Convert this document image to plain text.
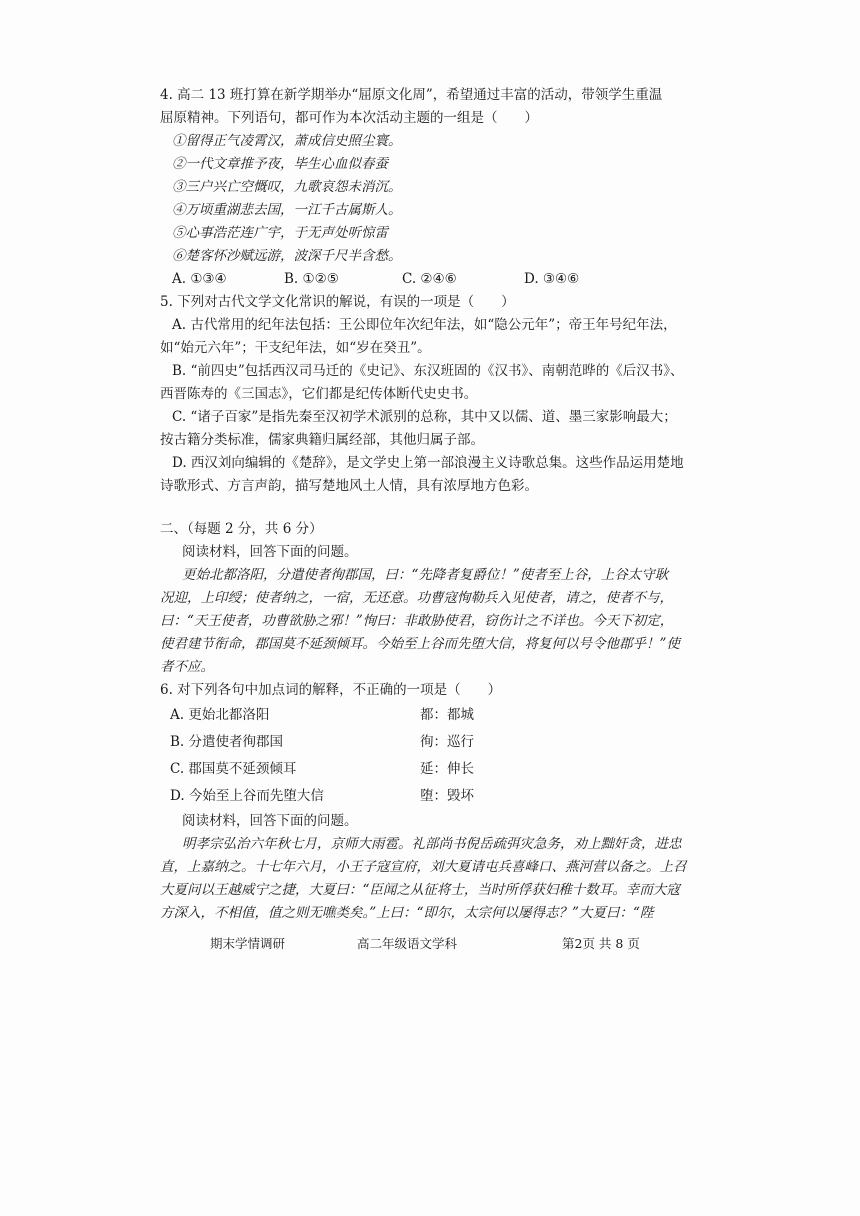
4. 高二 13 班打算在新学期举办“屈原文化周”，希望通过丰富的活动，带领学生重温
屈原精神。下列语句，都可作为本次活动主题的一组是（　　）
①留得正气凌霄汉，萧成信史照尘寰。
②一代文章推予夜，毕生心血似春蚕
③三户兴亡空慨叹，九歌哀怨未消沉。
④万顷重湖悲去国，一江千古属斯人。
⑤心事浩茫连广宇，于无声处听惊雷
⑥楚客怀沙赋远游，波深千尺半含愁。
A. ①③④	B. ①②⑤	C. ②④⑥	D. ③④⑥
5. 下列对古代文学文化常识的解说，有误的一项是（　　）
A. 古代常用的纪年法包括：王公即位年次纪年法，如“隐公元年”；帝王年号纪年法，
如“始元六年”；干支纪年法，如“岁在癸丑”。
B. “前四史”包括西汉司马迁的《史记》、东汉班固的《汉书》、南朝范晔的《后汉书》、
西晋陈寿的《三国志》，它们都是纪传体断代史史书。
C. “诸子百家”是指先秦至汉初学术派别的总称，其中又以儒、道、墨三家影响最大；
按古籍分类标准，儒家典籍归属经部，其他归属子部。
D. 西汉刘向编辑的《楚辞》，是文学史上第一部浪漫主义诗歌总集。这些作品运用楚地
诗歌形式、方言声韵，描写楚地风土人情，具有浓厚地方色彩。
二、（每题 2 分，共 6 分）
阅读材料，回答下面的问题。
更始北都洛阳，分遣使者徇郡国，曰：“先降者复爵位！”使者至上谷，上谷太守耿
况迎，上印绶；使者纳之，一宿，无还意。功曹寇恂勒兵入见使者，请之，使者不与，
曰：“天王使者，功曹欲胁之邪！”恂曰：非敢胁使君，窃伤计之不详也。今天下初定，
使君建节衔命，郡国莫不延颈倾耳。今始至上谷而先堕大信，将复何以号令他郡乎！”使
者不应。
6. 对下列各句中加点词的解释，不正确的一项是（　　）
A. 更始北都洛阳	都：都城
B. 分遣使者徇郡国	徇：巡行
C. 郡国莫不延颈倾耳	延：伸长
D. 今始至上谷而先堕大信	堕：毁坏
阅读材料，回答下面的问题。
明孝宗弘治六年秋七月，京师大雨雹。礼部尚书倪岳疏弭灾急务，劝上黜奸贪，进忠
直，上嘉纳之。十七年六月，小王子寇宣府，刘大夏请屯兵喜峰口、燕河营以备之。上召
大夏问以王越威宁之捷，大夏曰：“臣闻之从征将士，当时所俘获妇稚十数耳。幸而大寇
方深入，不相值，值之则无噍类矣。”上曰：“即尔，太宗何以屡得志？”大夏曰：“陛
期末学情调研	高二年级语文学科	第2页 共 8 页
